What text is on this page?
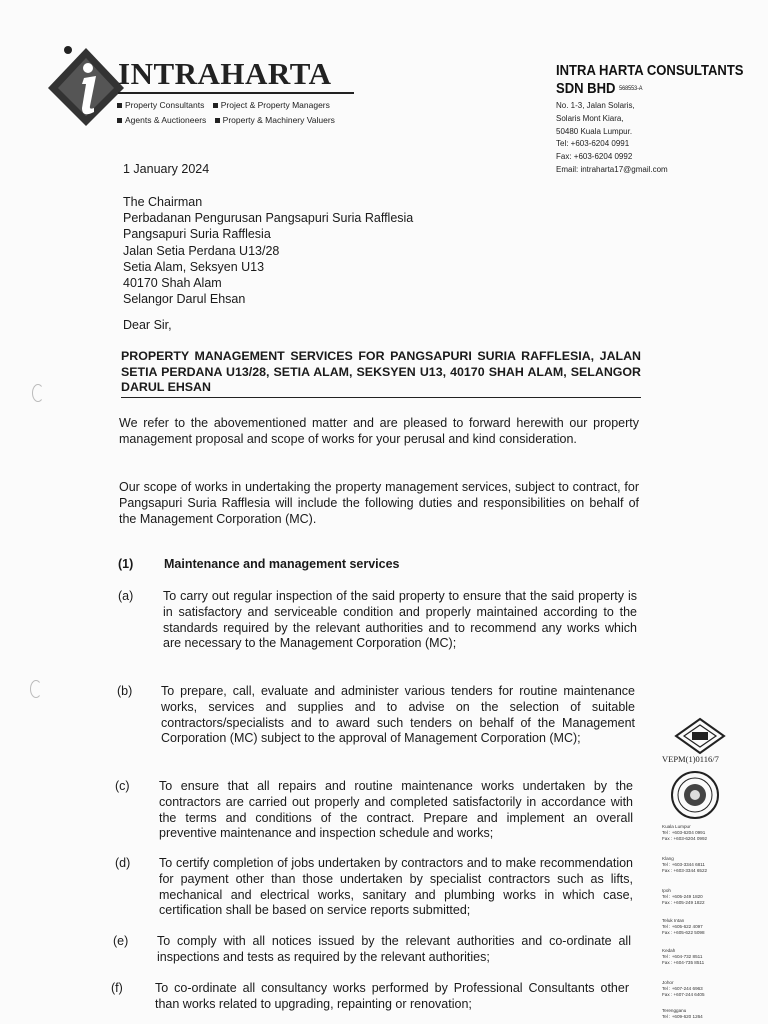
INTRAHARTA
Property Consultants Project & Property Managers
Agents & Auctioneers Property & Machinery Valuers
INTRA HARTA CONSULTANTS
SDN BHD 568553-A
No. 1-3, Jalan Solaris,
Solaris Mont Kiara,
50480 Kuala Lumpur.
Tel: +603-6204 0991
Fax: +603-6204 0992
Email: intraharta17@gmail.com
1 January 2024
The Chairman
Perbadanan Pengurusan Pangsapuri Suria Rafflesia
Pangsapuri Suria Rafflesia
Jalan Setia Perdana U13/28
Setia Alam, Seksyen U13
40170 Shah Alam
Selangor Darul Ehsan
Dear Sir,
PROPERTY MANAGEMENT SERVICES FOR PANGSAPURI SURIA RAFFLESIA, JALAN SETIA PERDANA U13/28, SETIA ALAM, SEKSYEN U13, 40170 SHAH ALAM, SELANGOR DARUL EHSAN
We refer to the abovementioned matter and are pleased to forward herewith our property management proposal and scope of works for your perusal and kind consideration.
Our scope of works in undertaking the property management services, subject to contract, for Pangsapuri Suria Rafflesia will include the following duties and responsibilities on behalf of the Management Corporation (MC).
(1) Maintenance and management services
(a) To carry out regular inspection of the said property to ensure that the said property is in satisfactory and serviceable condition and properly maintained according to the standards required by the relevant authorities and to recommend any works which are necessary to the Management Corporation (MC);
(b) To prepare, call, evaluate and administer various tenders for routine maintenance works, services and supplies and to advise on the selection of suitable contractors/specialists and to award such tenders on behalf of the Management Corporation (MC) subject to the approval of Management Corporation (MC);
(c) To ensure that all repairs and routine maintenance works undertaken by the contractors are carried out properly and completed satisfactorily in accordance with the terms and conditions of the contract. Prepare and implement an overall preventive maintenance and inspection schedule and works;
(d) To certify completion of jobs undertaken by contractors and to make recommendation for payment other than those undertaken by specialist contractors such as lifts, mechanical and electrical works, sanitary and plumbing works in which case, certification shall be based on service reports submitted;
(e) To comply with all notices issued by the relevant authorities and co-ordinate all inspections and tests as required by the relevant authorities;
(f)	To co-ordinate all consultancy works performed by Professional Consultants other than works related to upgrading, repainting or renovation;
VEPM(1)0116/7
Kuala Lumpur
Tel : +603-6204 0991
Fax : +603-6204 0992
Klang
Tel : +603-3344 6811
Fax : +603-3344 6522
Ipoh
Tel : +605-249 1820
Fax : +605-249 1822
Teluk Intan
Tel : +605-622 4097
Fax : +605-622 5098
Kedah
Tel : +604-732 8511
Fax : +604-735 8511
Johor
Tel : +607-244 6963
Fax : +607-244 6405
Terengganu
Tel : +609-620 1264
